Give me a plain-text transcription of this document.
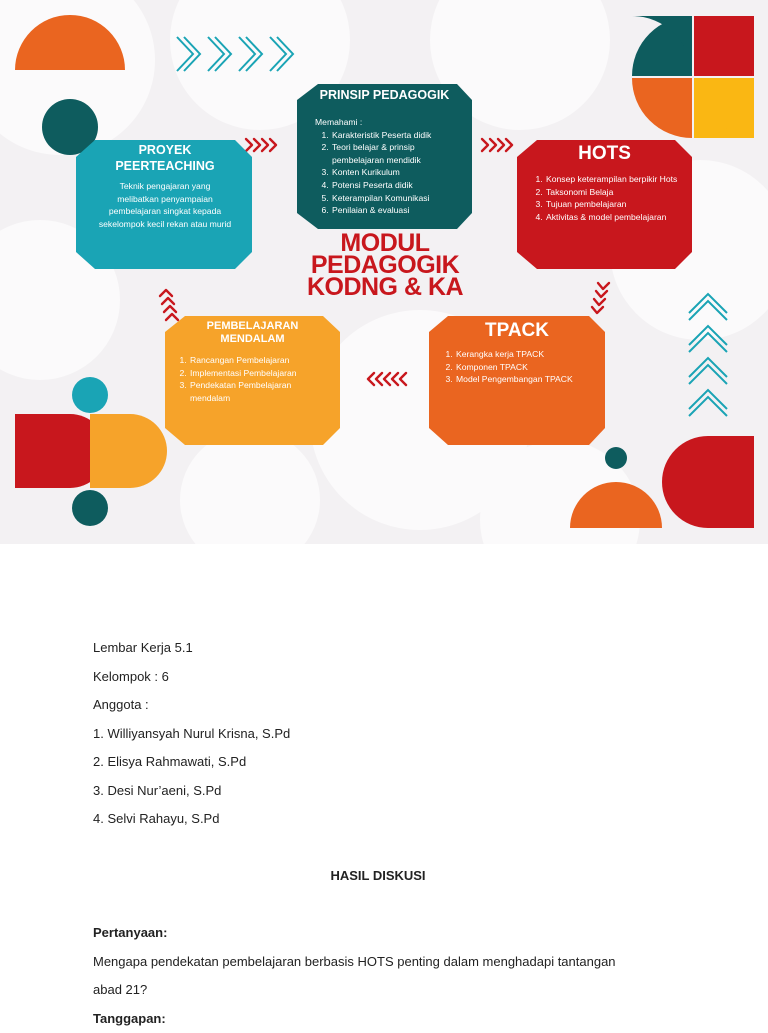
PRINSIP PEDAGOGIK
Memahami :
1. Karakteristik Peserta didik
2. Teori belajar & prinsip pembelajaran mendidik
3. Konten Kurikulum
4. Potensi Peserta didik
5. Keterampilan Komunikasi
6. Penilaian & evaluasi
PROYEK
PEERTEACHING
Teknik pengajaran yang melibatkan penyampaian pembelajaran singkat kepada sekelompok kecil rekan atau murid
HOTS
1. Konsep keterampilan berpikir Hots
2. Taksonomi Belaja
3. Tujuan pembelajaran
4. Aktivitas & model pembelajaran
MODUL
PEDAGOGIK
KODNG & KA
PEMBELAJARAN
MENDALAM
1. Rancangan Pembelajaran
2. Implementasi Pembelajaran
3. Pendekatan Pembelajaran mendalam
TPACK
1. Kerangka kerja TPACK
2. Komponen TPACK
3. Model Pengembangan TPACK

Lembar Kerja 5.1

Kelompok : 6

Anggota :

1. Williyansyah Nurul Krisna, S.Pd

2. Elisya Rahmawati, S.Pd

3. Desi Nur’aeni, S.Pd

4. Selvi Rahayu, S.Pd

HASIL DISKUSI

Pertanyaan:

Mengapa pendekatan pembelajaran berbasis HOTS penting dalam menghadapi tantangan

abad 21?

Tanggapan:
